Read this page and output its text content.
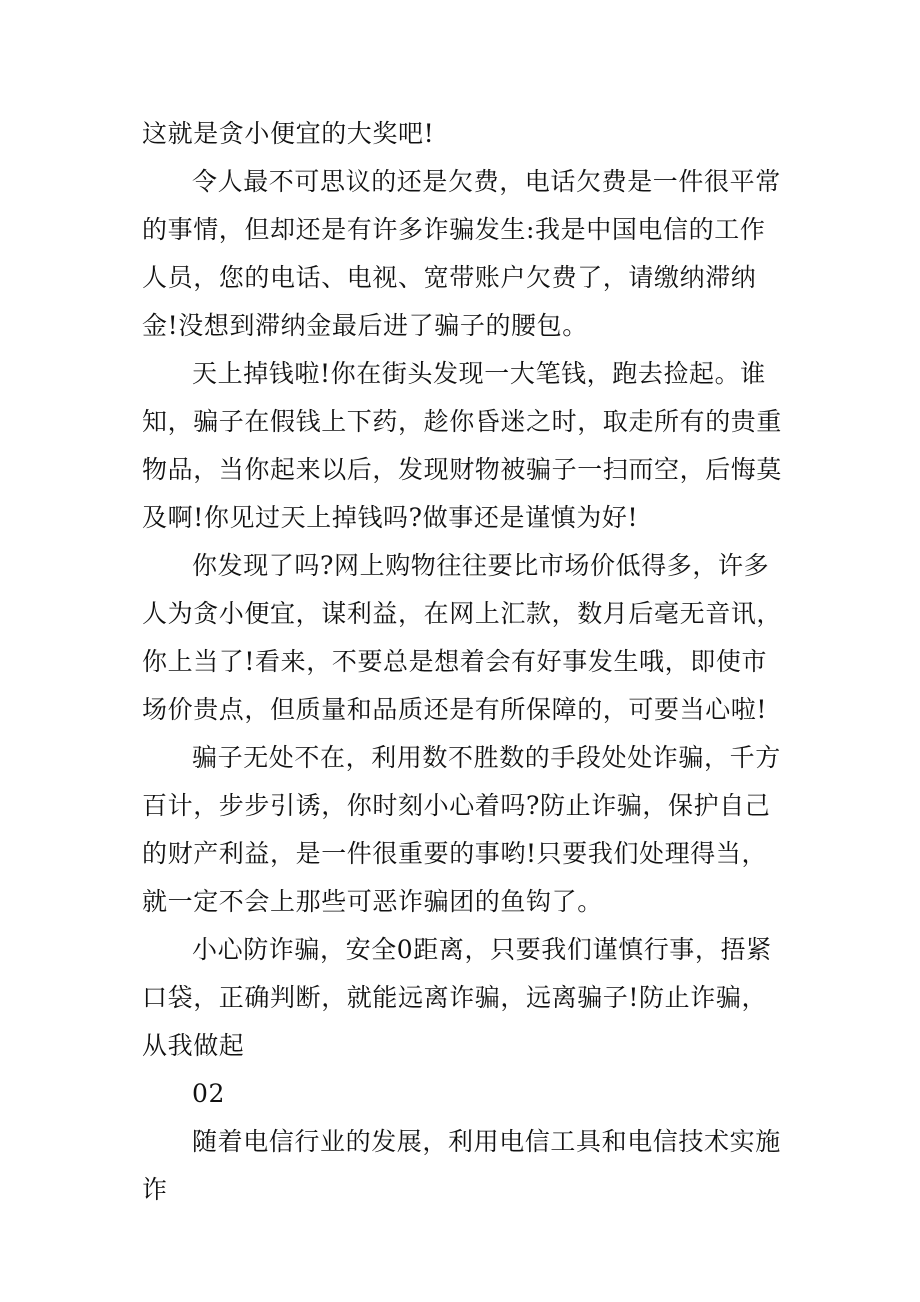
这就是贪小便宜的大奖吧!

令人最不可思议的还是欠费，电话欠费是一件很平常的事情，但却还是有许多诈骗发生:我是中国电信的工作人员，您的电话、电视、宽带账户欠费了，请缴纳滞纳金!没想到滞纳金最后进了骗子的腰包。

天上掉钱啦!你在街头发现一大笔钱，跑去捡起。谁知，骗子在假钱上下药，趁你昏迷之时，取走所有的贵重物品，当你起来以后，发现财物被骗子一扫而空，后悔莫及啊!你见过天上掉钱吗?做事还是谨慎为好!

你发现了吗?网上购物往往要比市场价低得多，许多人为贪小便宜，谋利益，在网上汇款，数月后毫无音讯，你上当了!看来，不要总是想着会有好事发生哦，即使市场价贵点，但质量和品质还是有所保障的，可要当心啦!

骗子无处不在，利用数不胜数的手段处处诈骗，千方百计，步步引诱，你时刻小心着吗?防止诈骗，保护自己的财产利益，是一件很重要的事哟!只要我们处理得当，就一定不会上那些可恶诈骗团的鱼钩了。

小心防诈骗，安全0距离，只要我们谨慎行事，捂紧口袋，正确判断，就能远离诈骗，远离骗子!防止诈骗，从我做起

02

随着电信行业的发展，利用电信工具和电信技术实施诈
